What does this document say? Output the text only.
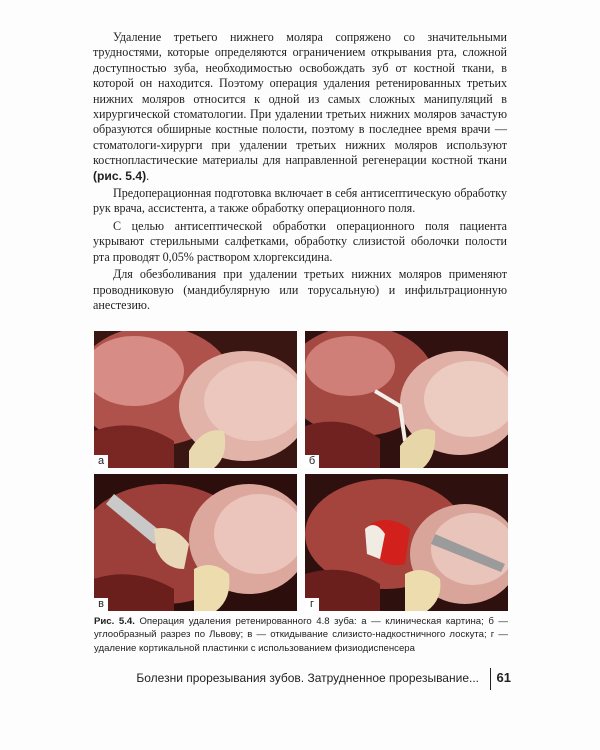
Удаление третьего нижнего моляра сопряжено со значительными трудностями, которые определяются ограничением открывания рта, сложной доступностью зуба, необходимостью освобождать зуб от костной ткани, в которой он находится. Поэтому операция удаления ретенированных третьих нижних моляров относится к одной из самых сложных манипуляций в хирургической стоматологии. При удалении третьих нижних моляров зачастую образуются обширные костные полости, поэтому в последнее время врачи — стоматологи-хирурги при удалении третьих нижних моляров используют костнопластические материалы для направленной регенерации костной ткани (рис. 5.4).

Предоперационная подготовка включает в себя антисептическую обработку рук врача, ассистента, а также обработку операционного поля.

С целью антисептической обработки операционного поля пациента укрывают стерильными салфетками, обработку слизистой оболочки полости рта проводят 0,05% раствором хлоргексидина.

Для обезболивания при удалении третьих нижних моляров применяют проводниковую (мандибулярную или торусальную) и инфильтрационную анестезию.

а	б
в	г
Рис. 5.4. Операция удаления ретенированного 4.8 зуба: а — клиническая картина; б — углообразный разрез по Львову; в — откидывание слизисто-надкостничного лоскута; г — удаление кортикальной пластинки с использованием физиодиспенсера
Болезни прорезывания зубов. Затрудненное прорезывание... 61
